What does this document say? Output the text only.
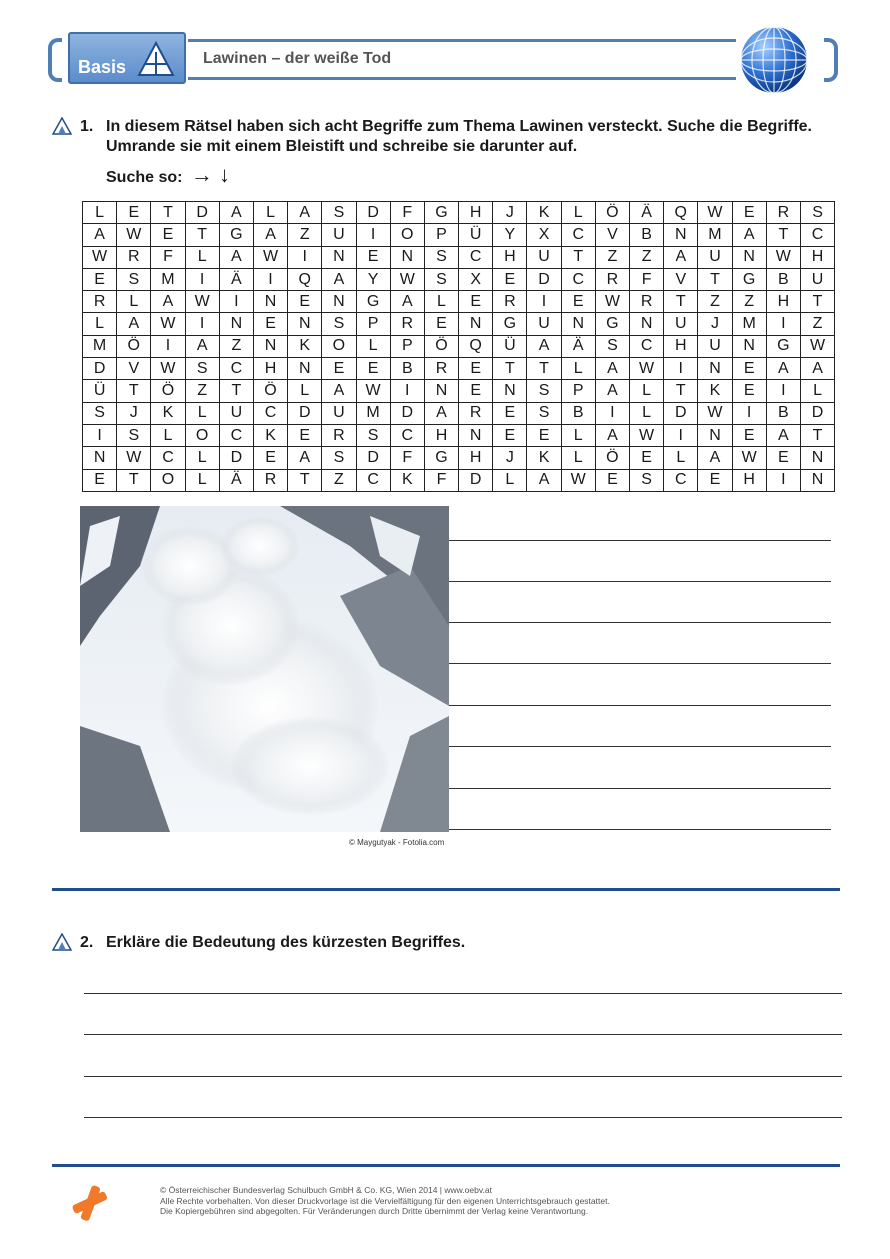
Basis	Lawinen – der weiße Tod
1. In diesem Rätsel haben sich acht Begriffe zum Thema Lawinen versteckt. Suche die Begriffe. Umrande sie mit einem Bleistift und schreibe sie darunter auf.
Suche so: → ↓
L	E	T	D	A	L	A	S	D	F	G	H	J	K	L	Ö	Ä	Q	W	E	R	S
A	W	E	T	G	A	Z	U	I	O	P	Ü	Y	X	C	V	B	N	M	A	T	C
W	R	F	L	A	W	I	N	E	N	S	C	H	U	T	Z	Z	A	U	N	W	H
E	S	M	I	Ä	I	Q	A	Y	W	S	X	E	D	C	R	F	V	T	G	B	U
R	L	A	W	I	N	E	N	G	A	L	E	R	I	E	W	R	T	Z	Z	H	T
L	A	W	I	N	E	N	S	P	R	E	N	G	U	N	G	N	U	J	M	I	Z
M	Ö	I	A	Z	N	K	O	L	P	Ö	Q	Ü	A	Ä	S	C	H	U	N	G	W
D	V	W	S	C	H	N	E	E	B	R	E	T	T	L	A	W	I	N	E	A	A
Ü	T	Ö	Z	T	Ö	L	A	W	I	N	E	N	S	P	A	L	T	K	E	I	L
S	J	K	L	U	C	D	U	M	D	A	R	E	S	B	I	L	D	W	I	B	D
I	S	L	O	C	K	E	R	S	C	H	N	E	E	L	A	W	I	N	E	A	T
N	W	C	L	D	E	A	S	D	F	G	H	J	K	L	Ö	E	L	A	W	E	N
E	T	O	L	Ä	R	T	Z	C	K	F	D	L	A	W	E	S	C	E	H	I	N
© Maygutyak - Fotolia.com
2. Erkläre die Bedeutung des kürzesten Begriffes.
© Österreichischer Bundesverlag Schulbuch GmbH & Co. KG, Wien 2014 | www.oebv.at
Alle Rechte vorbehalten. Von dieser Druckvorlage ist die Vervielfältigung für den eigenen Unterrichtsgebrauch gestattet.
Die Kopiergebühren sind abgegolten. Für Veränderungen durch Dritte übernimmt der Verlag keine Verantwortung.
